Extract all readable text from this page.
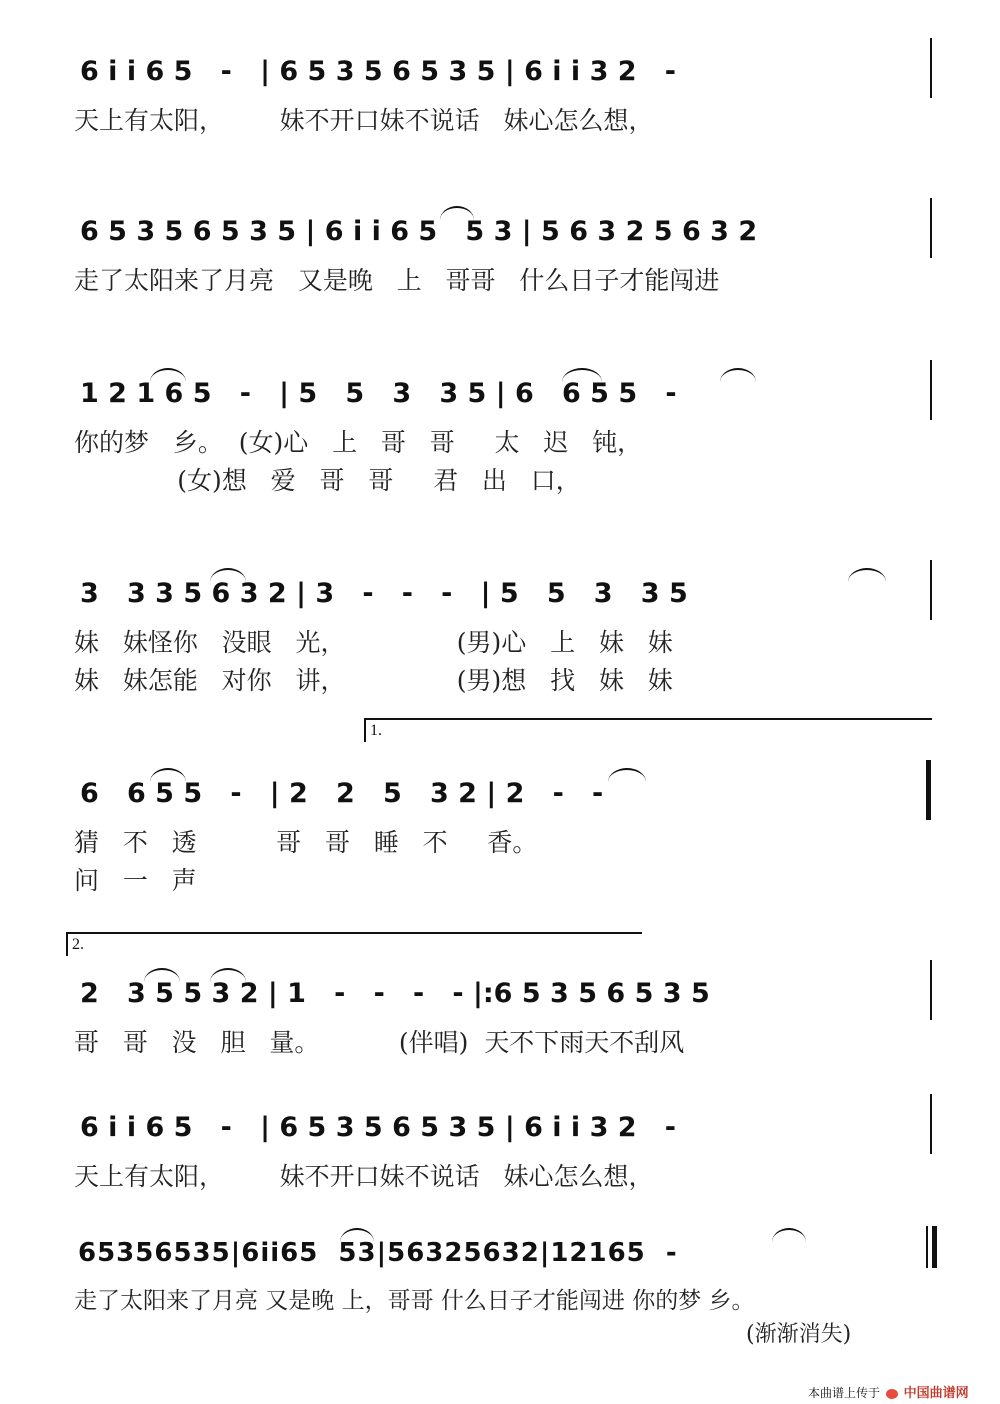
6 i i 6 5   -   | 6 5 3 5 6 5 3 5 | 6 i i 3 2   -
天上有太阳，       妹不开口妹不说话   妹心怎么想，
6 5 3 5 6 5 3 5 | 6 i i 6 5   5 3 | 5 6 3 2 5 6 3 2
走了太阳来了月亮   又是晚   上   哥哥   什么日子才能闯进
1 2 1 6 5   -   | 5   5   3   3 5 | 6   6 5 5   -
你的梦   乡。  (女)心   上   哥   哥     太   迟   钝，
(女)想   爱   哥   哥     君   出   口，
3   3 3 5 6 3 2 | 3   -   -   -   | 5   5   3   3 5
妹   妹怪你   没眼   光，              (男)心   上   妹   妹
妹   妹怎能   对你   讲，              (男)想   找   妹   妹
1.
6   6 5 5   -   | 2   2   5   3 2 | 2   -   -
猜   不   透          哥   哥   睡   不     香。
问   一   声
2.
2   3 5 5 3 2 | 1   -   -   -   - |:6 5 3 5 6 5 3 5
哥   哥   没   胆   量。          (伴唱)  天不下雨天不刮风
6 i i 6 5   -   | 6 5 3 5 6 5 3 5 | 6 i i 3 2   -
天上有太阳，       妹不开口妹不说话   妹心怎么想，
65356535|6ii65  53|56325632|12165  -
走了太阳来了月亮 又是晚 上，哥哥 什么日子才能闯进 你的梦 乡。
(渐渐消失)
本曲谱上传于 中国曲谱网
